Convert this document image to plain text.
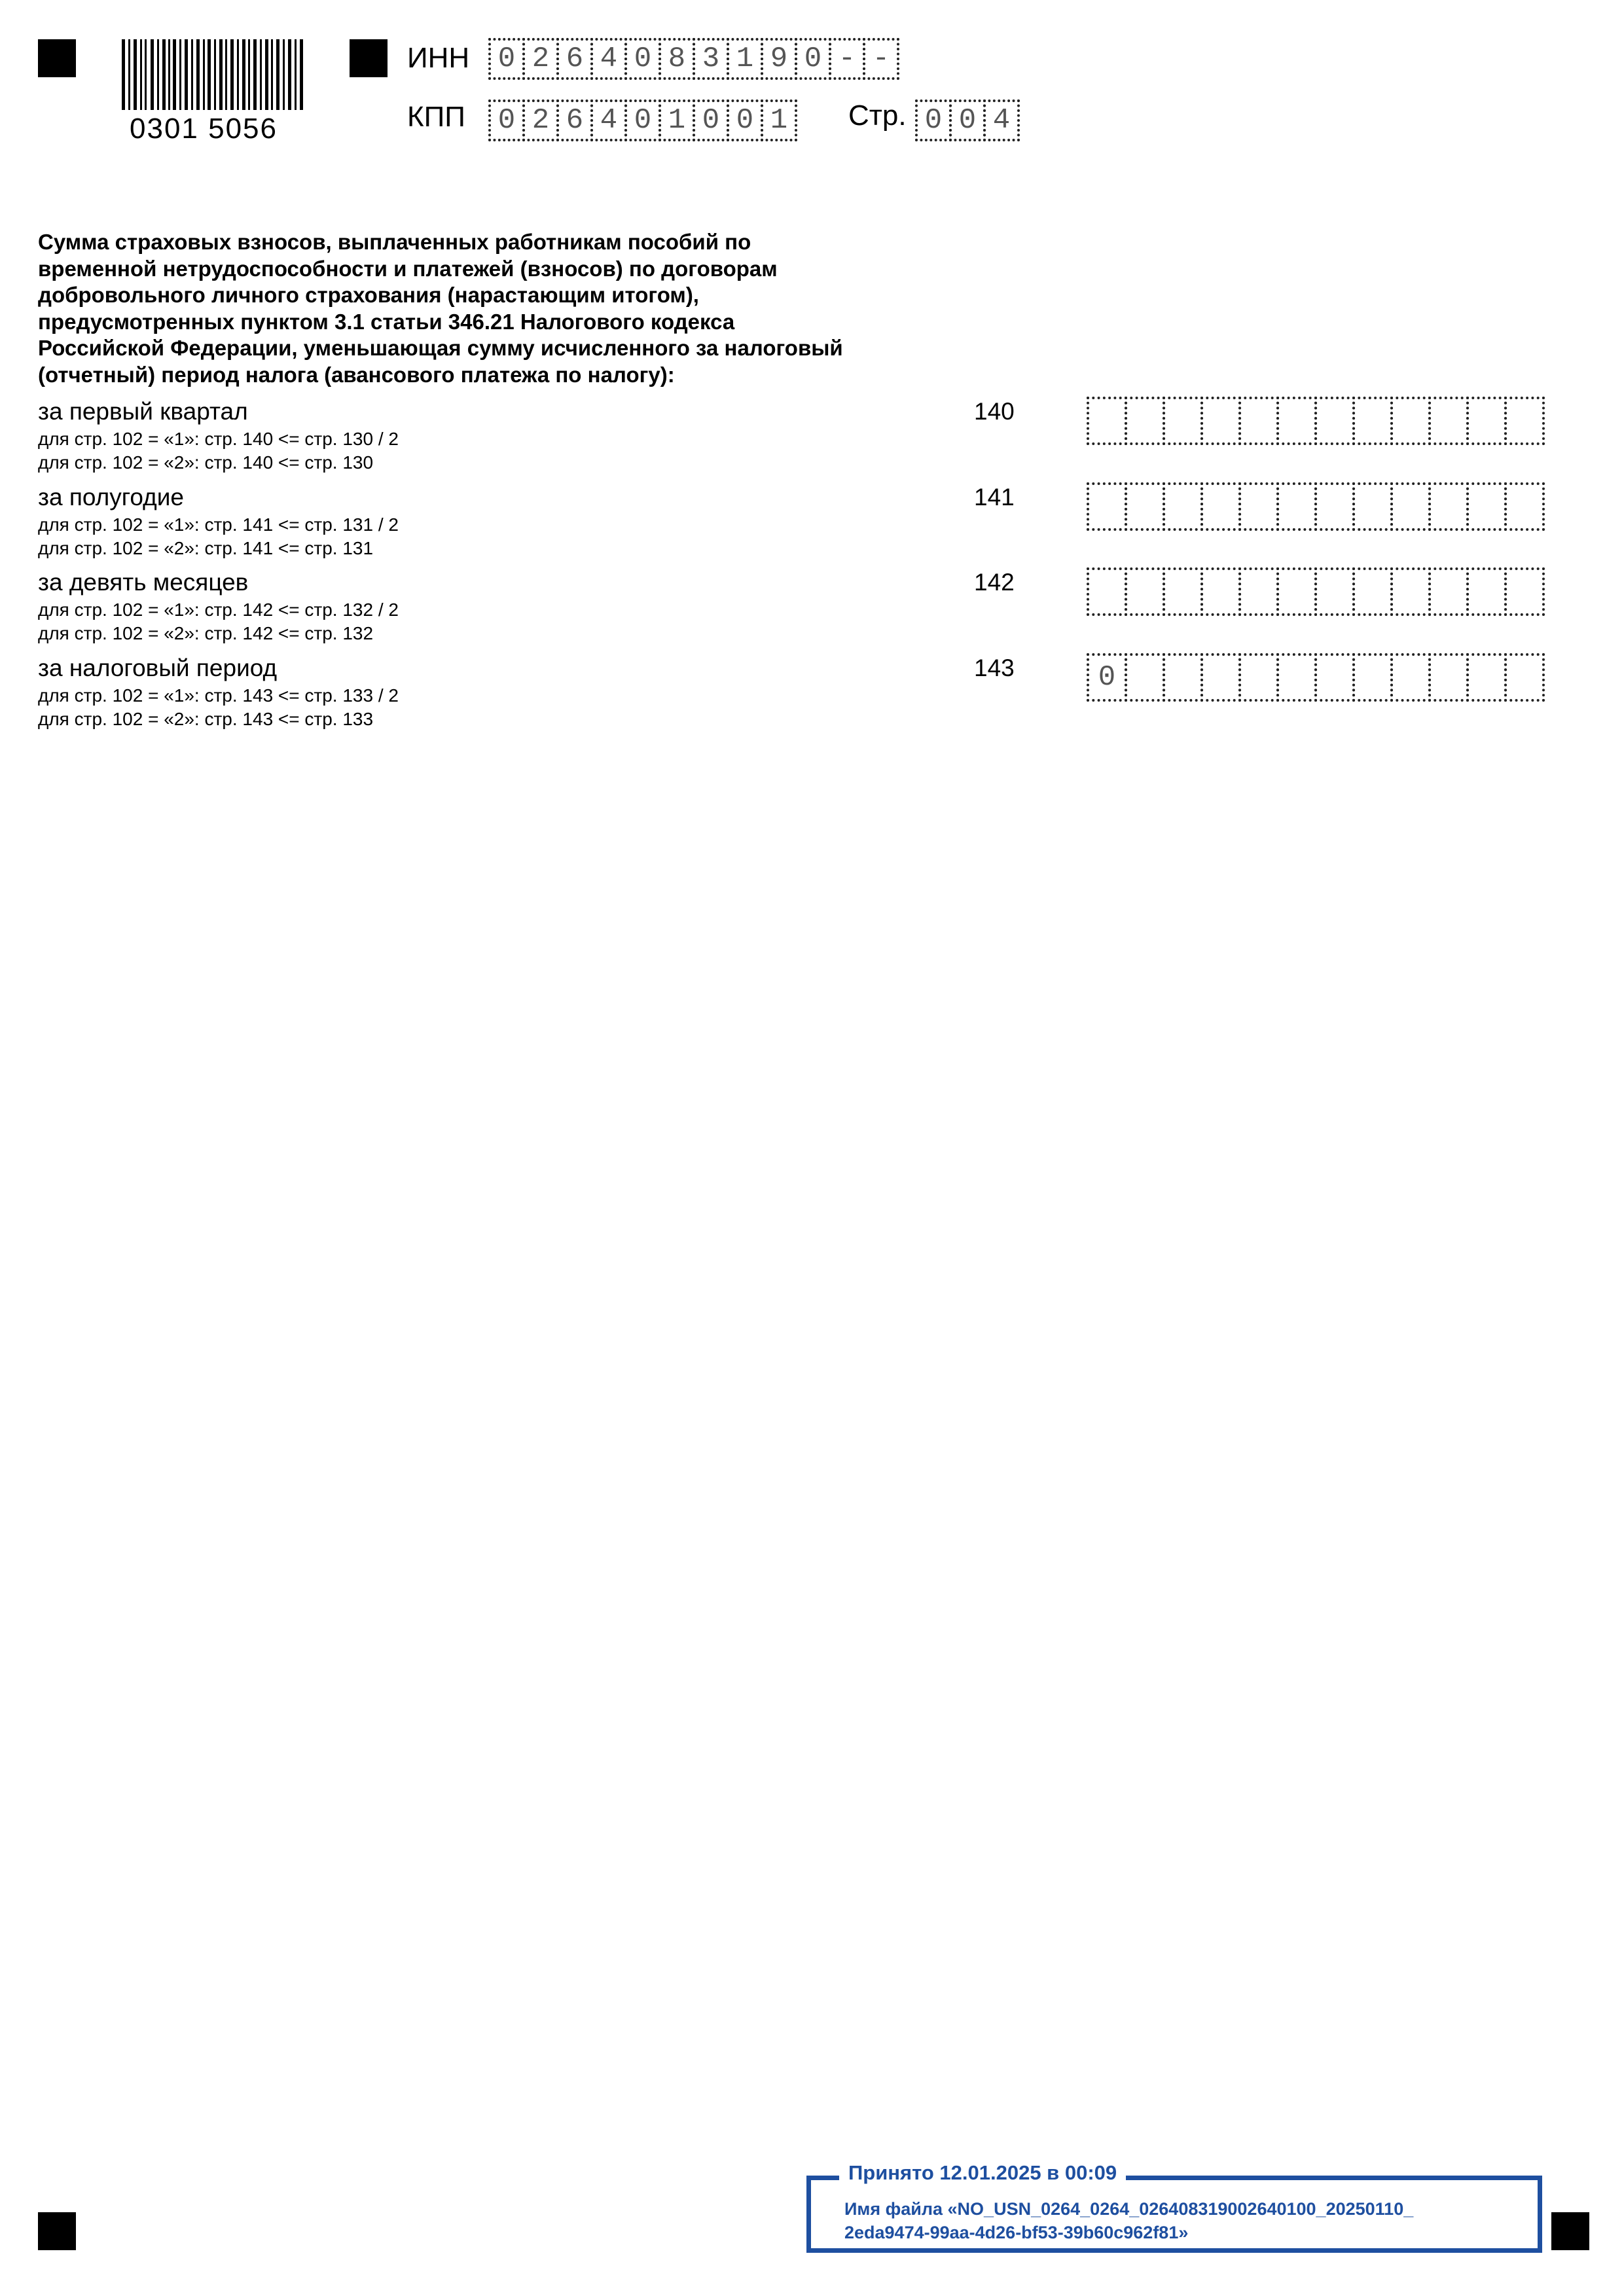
0301 5056
ИНН 0 2 6 4 0 8 3 1 9 0 - -
КПП	0 2 6 4 0 1 0 0 1	Стр. 0 0 4
Сумма страховых взносов, выплаченных работникам пособий по
временной нетрудоспособности и платежей (взносов) по договорам
добровольного личного страхования (нарастающим итогом),
предусмотренных пунктом 3.1 статьи 346.21 Налогового кодекса
Российской Федерации, уменьшающая сумму исчисленного за налоговый
(отчетный) период налога (авансового платежа по налогу):
за первый квартал
для стр. 102 = «1»: стр. 140 <= стр. 130 / 2
для стр. 102 = «2»: стр. 140 <= стр. 130
140
за полугодие
для стр. 102 = «1»: стр. 141 <= стр. 131 / 2
для стр. 102 = «2»: стр. 141 <= стр. 131
141
за девять месяцев
для стр. 102 = «1»: стр. 142 <= стр. 132 / 2
для стр. 102 = «2»: стр. 142 <= стр. 132
142
за налоговый период
для стр. 102 = «1»: стр. 143 <= стр. 133 / 2
для стр. 102 = «2»: стр. 143 <= стр. 133
143	0
Принято 12.01.2025 в 00:09
Имя файла «NO_USN_0264_0264_026408319002640100_20250110_
2eda9474-99aa-4d26-bf53-39b60c962f81»
